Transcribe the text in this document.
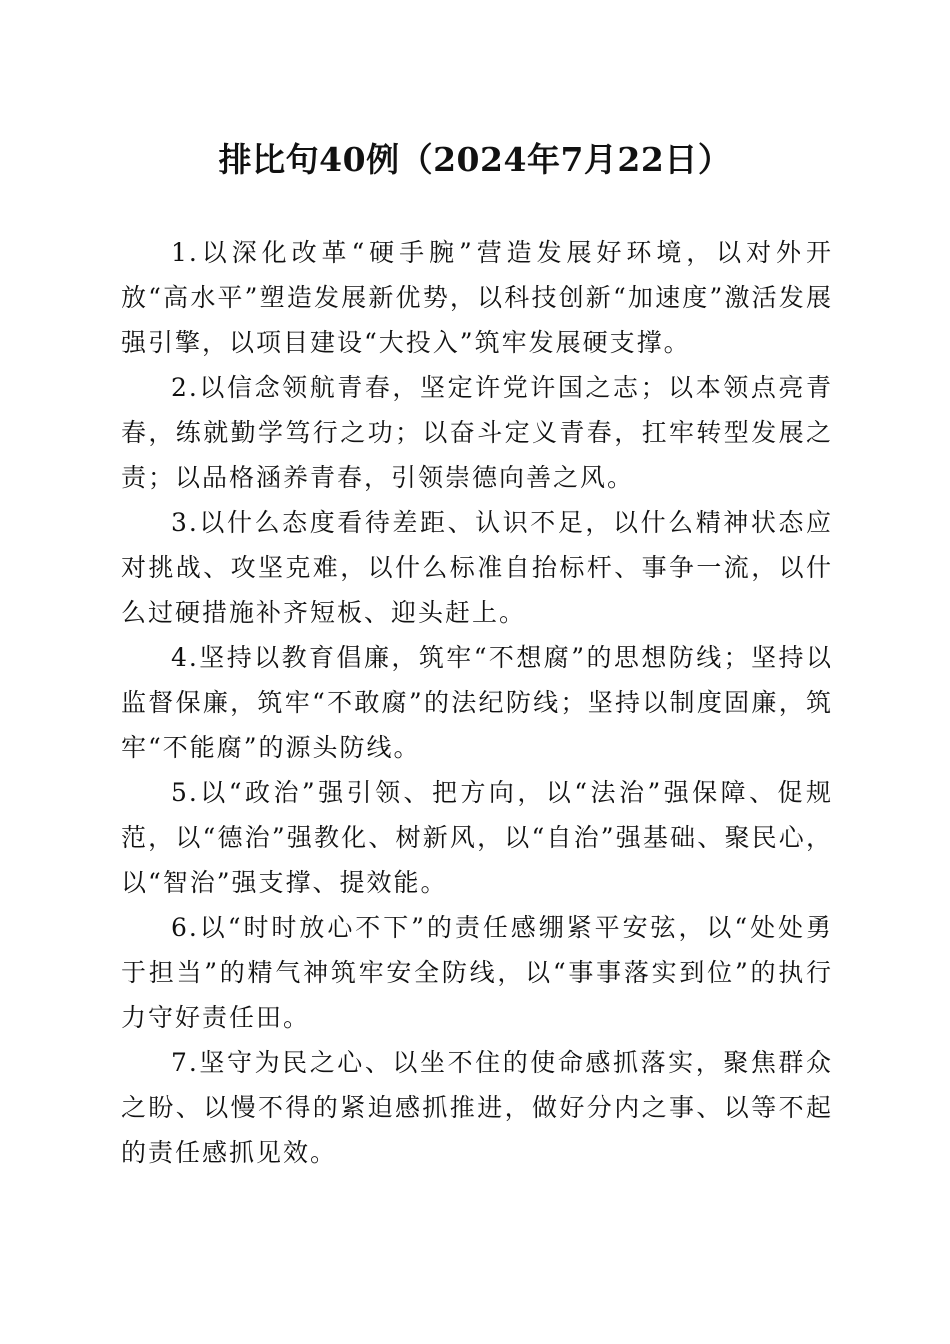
排比句40例（2024年7月22日）

1.以深化改革“硬手腕”营造发展好环境，以对外开放“高水平”塑造发展新优势，以科技创新“加速度”激活发展强引擎，以项目建设“大投入”筑牢发展硬支撑。

2.以信念领航青春，坚定许党许国之志；以本领点亮青春，练就勤学笃行之功；以奋斗定义青春，扛牢转型发展之责；以品格涵养青春，引领崇德向善之风。

3.以什么态度看待差距、认识不足，以什么精神状态应对挑战、攻坚克难，以什么标准自抬标杆、事争一流，以什么过硬措施补齐短板、迎头赶上。

4.坚持以教育倡廉，筑牢“不想腐”的思想防线；坚持以监督保廉，筑牢“不敢腐”的法纪防线；坚持以制度固廉，筑牢“不能腐”的源头防线。

5.以“政治”强引领、把方向，以“法治”强保障、促规范，以“德治”强教化、树新风，以“自治”强基础、聚民心，以“智治”强支撑、提效能。

6.以“时时放心不下”的责任感绷紧平安弦，以“处处勇于担当”的精气神筑牢安全防线，以“事事落实到位”的执行力守好责任田。

7.坚守为民之心、以坐不住的使命感抓落实，聚焦群众之盼、以慢不得的紧迫感抓推进，做好分内之事、以等不起的责任感抓见效。
